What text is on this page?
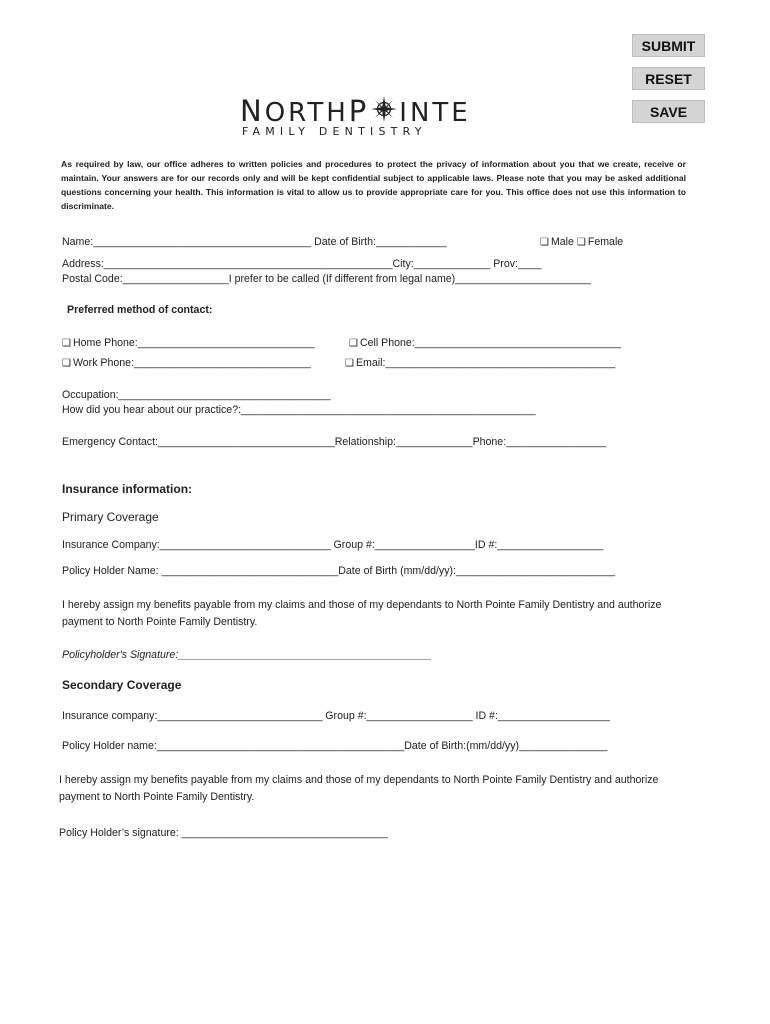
SUBMIT
RESET
SAVE
NORTHP INTE
FAMILY DENTISTRY
As required by law, our office adheres to written policies and procedures to protect the privacy of information about you that we create, receive or maintain. Your answers are for our records only and will be kept confidential subject to applicable laws. Please note that you may be asked additional questions concerning your health. This information is vital to allow us to provide appropriate care for you. This office does not use this information to discriminate.
Name:_____________________________________ Date of Birth:____________	❑ Male ❑ Female
Address:_________________________________________________City:_____________ Prov:____
Postal Code:__________________I prefer to be called (If different from legal name)_______________________
Preferred method of contact:
❑ Home Phone:______________________________	❑ Cell Phone:___________________________________
❑ Work Phone:______________________________	❑ Email:_______________________________________
Occupation:____________________________________
How did you hear about our practice?:__________________________________________________
Emergency Contact:______________________________Relationship:_____________Phone:_________________
Insurance information:
Primary Coverage
Insurance Company:_____________________________ Group #:_________________ID #:__________________
Policy Holder Name: ______________________________Date of Birth (mm/dd/yy):___________________________
I hereby assign my benefits payable from my claims and those of my dependants to North Pointe Family Dentistry and authorize payment to North Pointe Family Dentistry.
Policyholder's Signature:___________________________________________
Secondary Coverage
Insurance company:____________________________ Group #:__________________ ID #:___________________
Policy Holder name:__________________________________________Date of Birth:(mm/dd/yy)_______________
I hereby assign my benefits payable from my claims and those of my dependants to North Pointe Family Dentistry and authorize payment to North Pointe Family Dentistry.
Policy Holder’s signature: ___________________________________
